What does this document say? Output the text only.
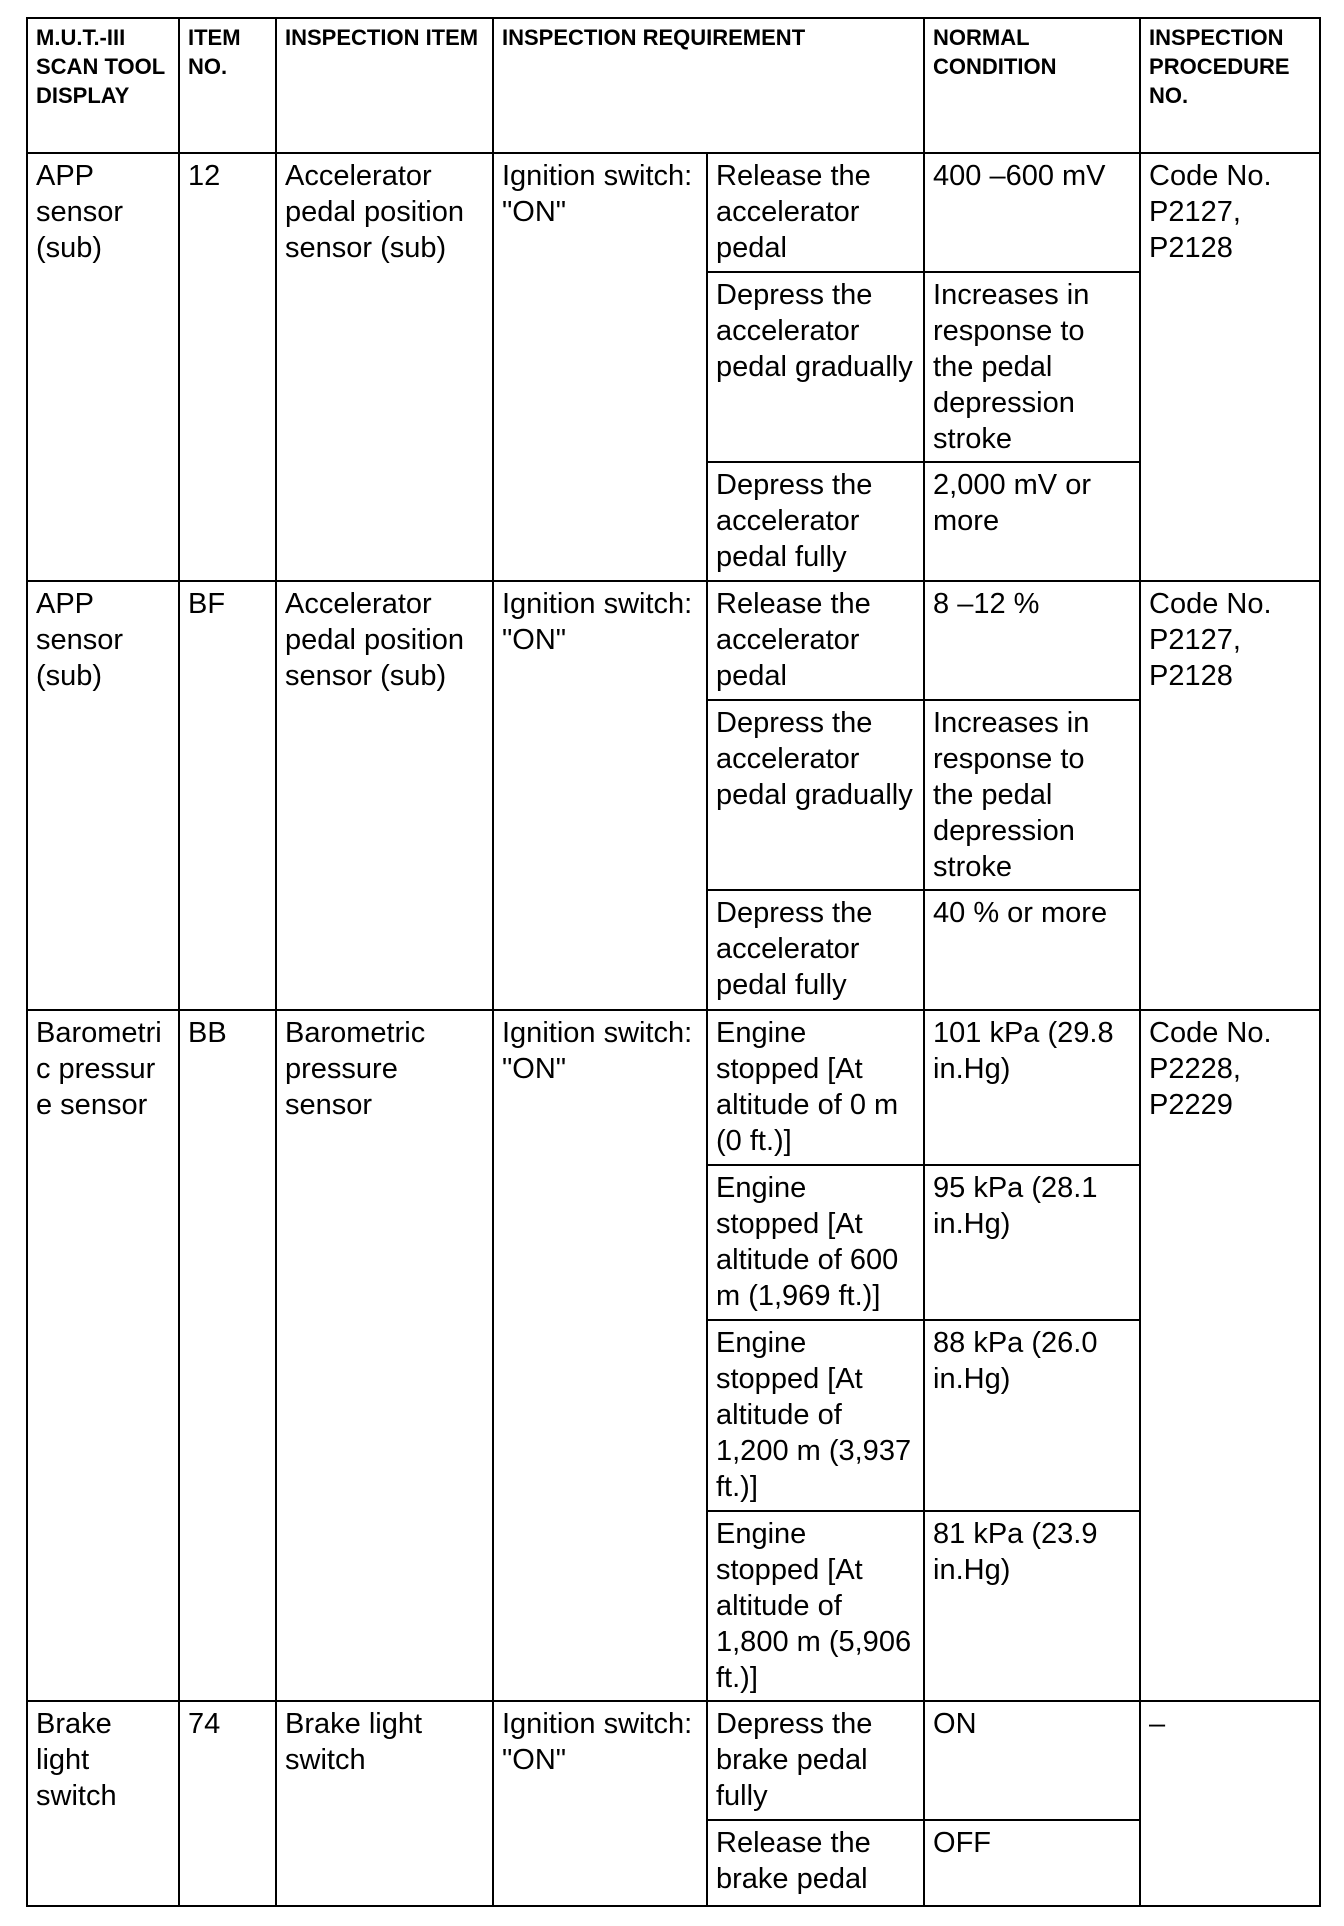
M.U.T.-III SCAN TOOL DISPLAY	ITEM NO.	INSPECTION ITEM	INSPECTION REQUIREMENT		NORMAL CONDITION	INSPECTION PROCEDURE NO.
APP sensor (sub)	12	Accelerator pedal position sensor (sub)	Ignition switch: "ON"	Release the accelerator pedal	400 –600 mV	Code No. P2127, P2128
				Depress the accelerator pedal gradually	Increases in response to the pedal depression stroke	
				Depress the accelerator pedal fully	2,000 mV or more	
APP sensor (sub)	BF	Accelerator pedal position sensor (sub)	Ignition switch: "ON"	Release the accelerator pedal	8 –12 %	Code No. P2127, P2128
				Depress the accelerator pedal gradually	Increases in response to the pedal depression stroke	
				Depress the accelerator pedal fully	40 % or more	
Barometric pressure sensor	BB	Barometric pressure sensor	Ignition switch: "ON"	Engine stopped [At altitude of 0 m (0 ft.)]	101 kPa (29.8 in.Hg)	Code No. P2228, P2229
				Engine stopped [At altitude of 600 m (1,969 ft.)]	95 kPa (28.1 in.Hg)	
				Engine stopped [At altitude of 1,200 m (3,937 ft.)]	88 kPa (26.0 in.Hg)	
				Engine stopped [At altitude of 1,800 m (5,906 ft.)]	81 kPa (23.9 in.Hg)	
Brake light switch	74	Brake light switch	Ignition switch: "ON"	Depress the brake pedal fully	ON	–
				Release the brake pedal	OFF	
